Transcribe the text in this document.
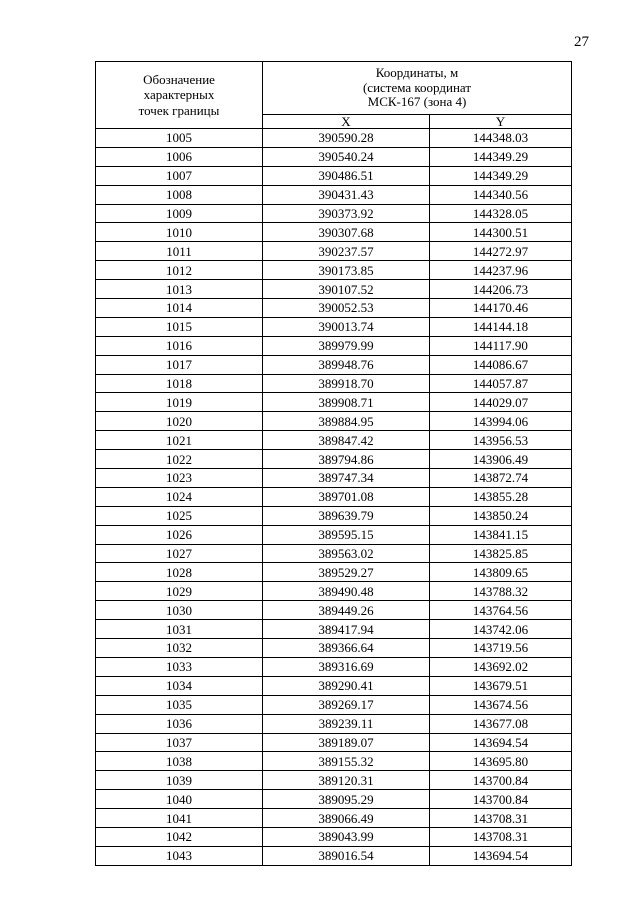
27
Обозначение
характерных
точек границы	Координаты, м
(система координат
МСК-167 (зона 4)	

	X	Y
1005	390590.28	144348.03
1006	390540.24	144349.29
1007	390486.51	144349.29
1008	390431.43	144340.56
1009	390373.92	144328.05
1010	390307.68	144300.51
1011	390237.57	144272.97
1012	390173.85	144237.96
1013	390107.52	144206.73
1014	390052.53	144170.46
1015	390013.74	144144.18
1016	389979.99	144117.90
1017	389948.76	144086.67
1018	389918.70	144057.87
1019	389908.71	144029.07
1020	389884.95	143994.06
1021	389847.42	143956.53
1022	389794.86	143906.49
1023	389747.34	143872.74
1024	389701.08	143855.28
1025	389639.79	143850.24
1026	389595.15	143841.15
1027	389563.02	143825.85
1028	389529.27	143809.65
1029	389490.48	143788.32
1030	389449.26	143764.56
1031	389417.94	143742.06
1032	389366.64	143719.56
1033	389316.69	143692.02
1034	389290.41	143679.51
1035	389269.17	143674.56
1036	389239.11	143677.08
1037	389189.07	143694.54
1038	389155.32	143695.80
1039	389120.31	143700.84
1040	389095.29	143700.84
1041	389066.49	143708.31
1042	389043.99	143708.31
1043	389016.54	143694.54
